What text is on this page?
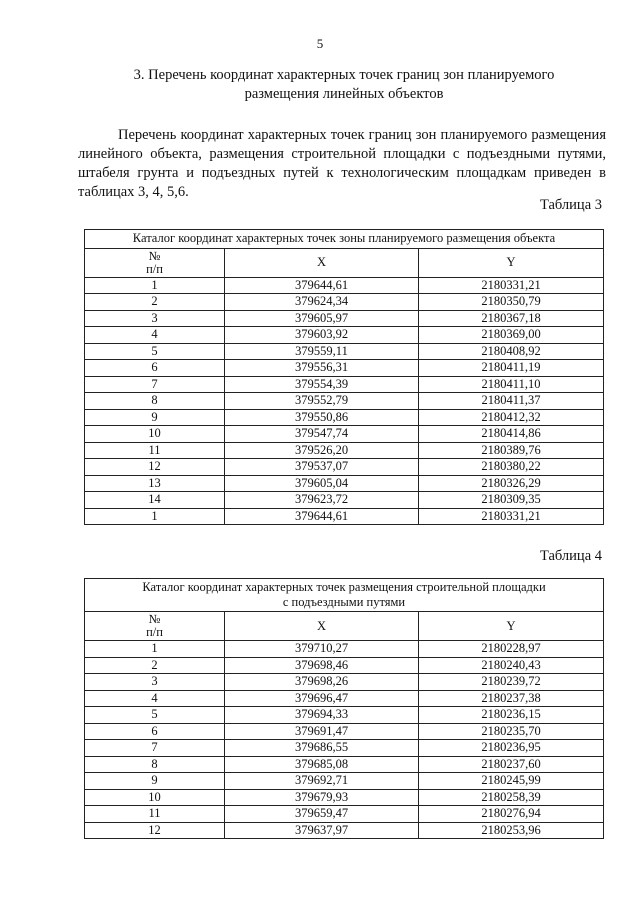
5
3. Перечень координат характерных точек границ зон планируемого
размещения линейных объектов
Перечень координат характерных точек границ зон планируемого размещения линейного объекта, размещения строительной площадки с подъездными путями, штабеля грунта и подъездных путей к технологическим площадкам приведен в таблицах 3, 4, 5,6.
Таблица 3
Каталог координат характерных точек зоны планируемого размещения объекта		

№
п/п	X	Y
1	379644,61	2180331,21
2	379624,34	2180350,79
3	379605,97	2180367,18
4	379603,92	2180369,00
5	379559,11	2180408,92
6	379556,31	2180411,19
7	379554,39	2180411,10
8	379552,79	2180411,37
9	379550,86	2180412,32
10	379547,74	2180414,86
11	379526,20	2180389,76
12	379537,07	2180380,22
13	379605,04	2180326,29
14	379623,72	2180309,35
1	379644,61	2180331,21
Таблица 4
Каталог координат характерных точек размещения строительной площадки
с подъездными путями		

№
п/п	X	Y
1	379710,27	2180228,97
2	379698,46	2180240,43
3	379698,26	2180239,72
4	379696,47	2180237,38
5	379694,33	2180236,15
6	379691,47	2180235,70
7	379686,55	2180236,95
8	379685,08	2180237,60
9	379692,71	2180245,99
10	379679,93	2180258,39
11	379659,47	2180276,94
12	379637,97	2180253,96
